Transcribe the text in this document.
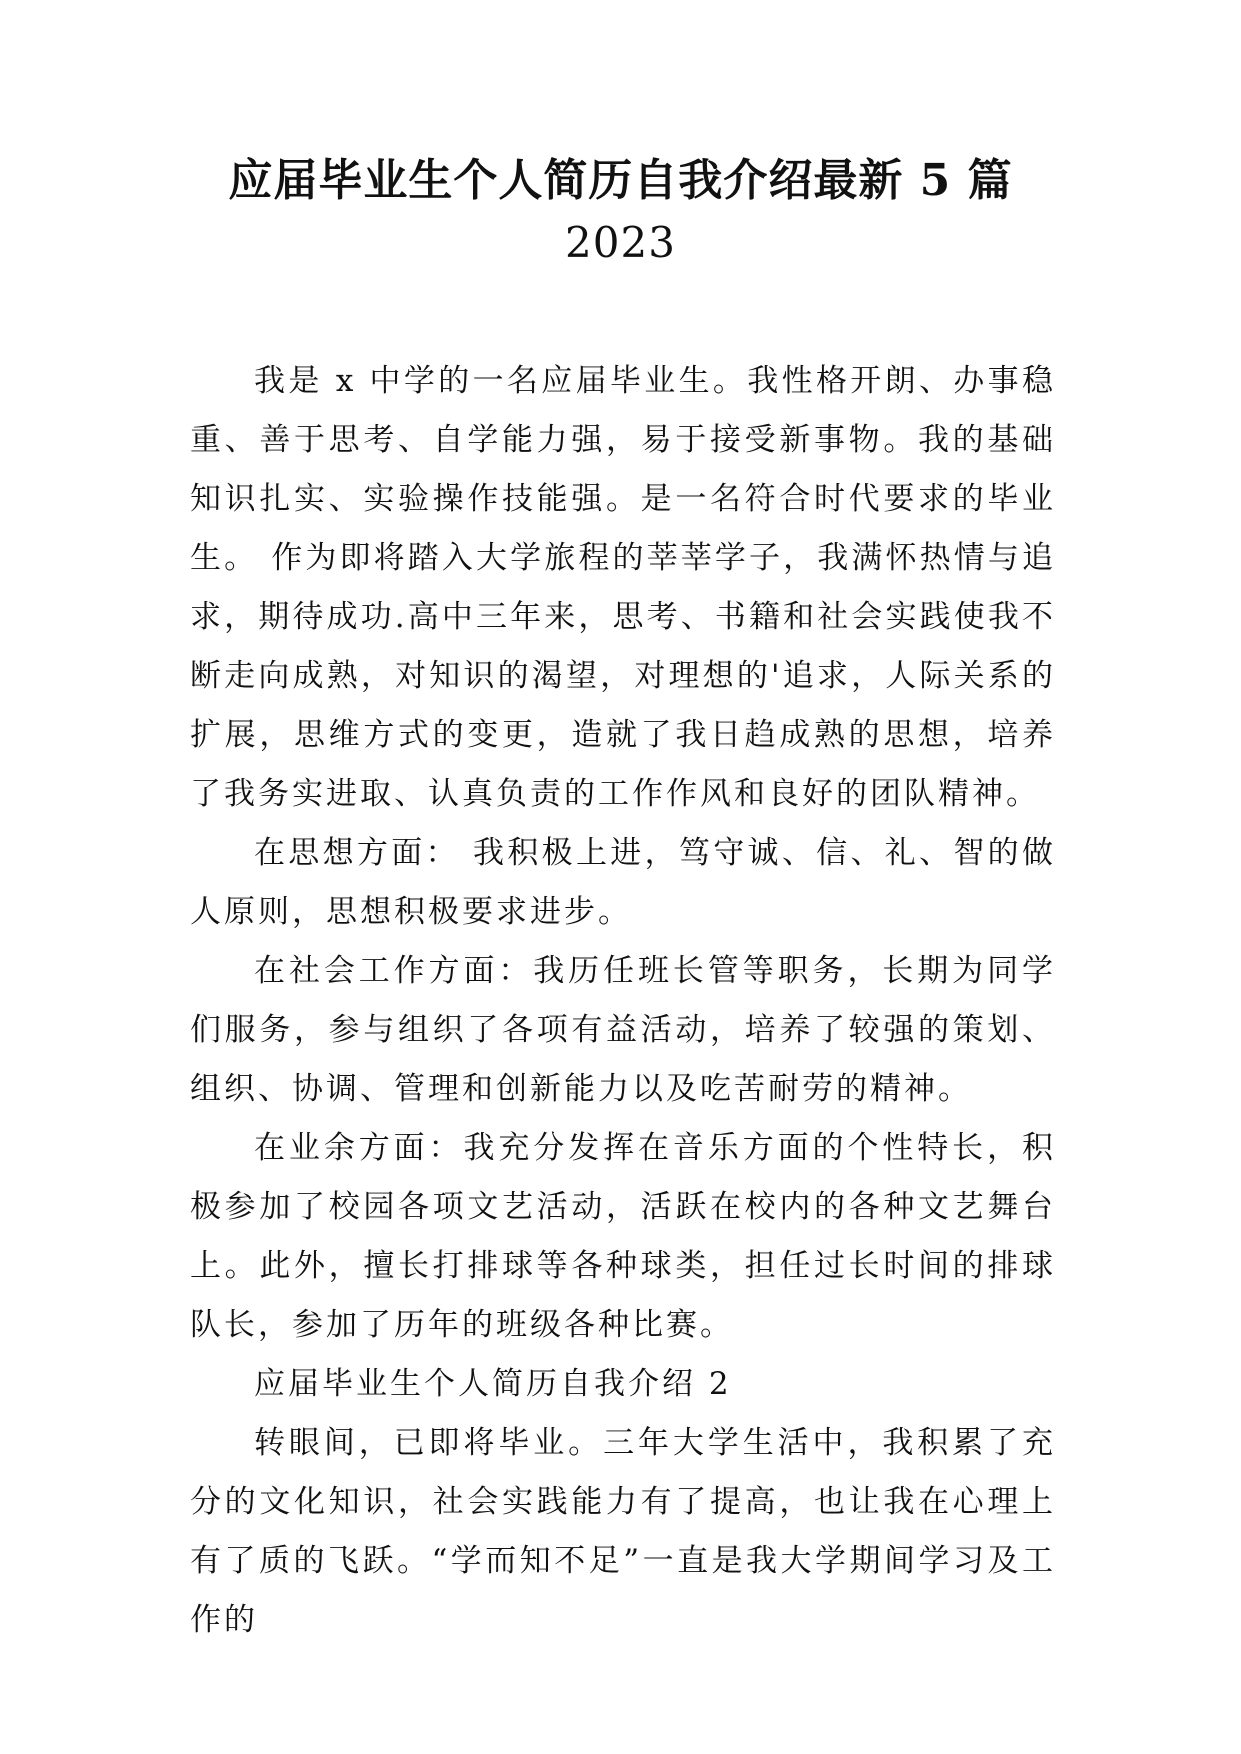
应届毕业生个人简历自我介绍最新 5 篇
2023

我是 x 中学的一名应届毕业生。我性格开朗、办事稳重、善于思考、自学能力强，易于接受新事物。我的基础知识扎实、实验操作技能强。是一名符合时代要求的毕业生。 作为即将踏入大学旅程的莘莘学子，我满怀热情与追求，期待成功.高中三年来，思考、书籍和社会实践使我不断走向成熟，对知识的渴望，对理想的'追求，人际关系的扩展，思维方式的变更，造就了我日趋成熟的思想，培养了我务实进取、认真负责的工作作风和良好的团队精神。

在思想方面： 我积极上进，笃守诚、信、礼、智的做人原则，思想积极要求进步。

在社会工作方面：我历任班长管等职务，长期为同学们服务，参与组织了各项有益活动，培养了较强的策划、组织、协调、管理和创新能力以及吃苦耐劳的精神。

在业余方面：我充分发挥在音乐方面的个性特长，积极参加了校园各项文艺活动，活跃在校内的各种文艺舞台上。此外，擅长打排球等各种球类，担任过长时间的排球队长，参加了历年的班级各种比赛。

应届毕业生个人简历自我介绍 2

转眼间，已即将毕业。三年大学生活中，我积累了充分的文化知识，社会实践能力有了提高，也让我在心理上有了质的飞跃。“学而知不足”一直是我大学期间学习及工作的
